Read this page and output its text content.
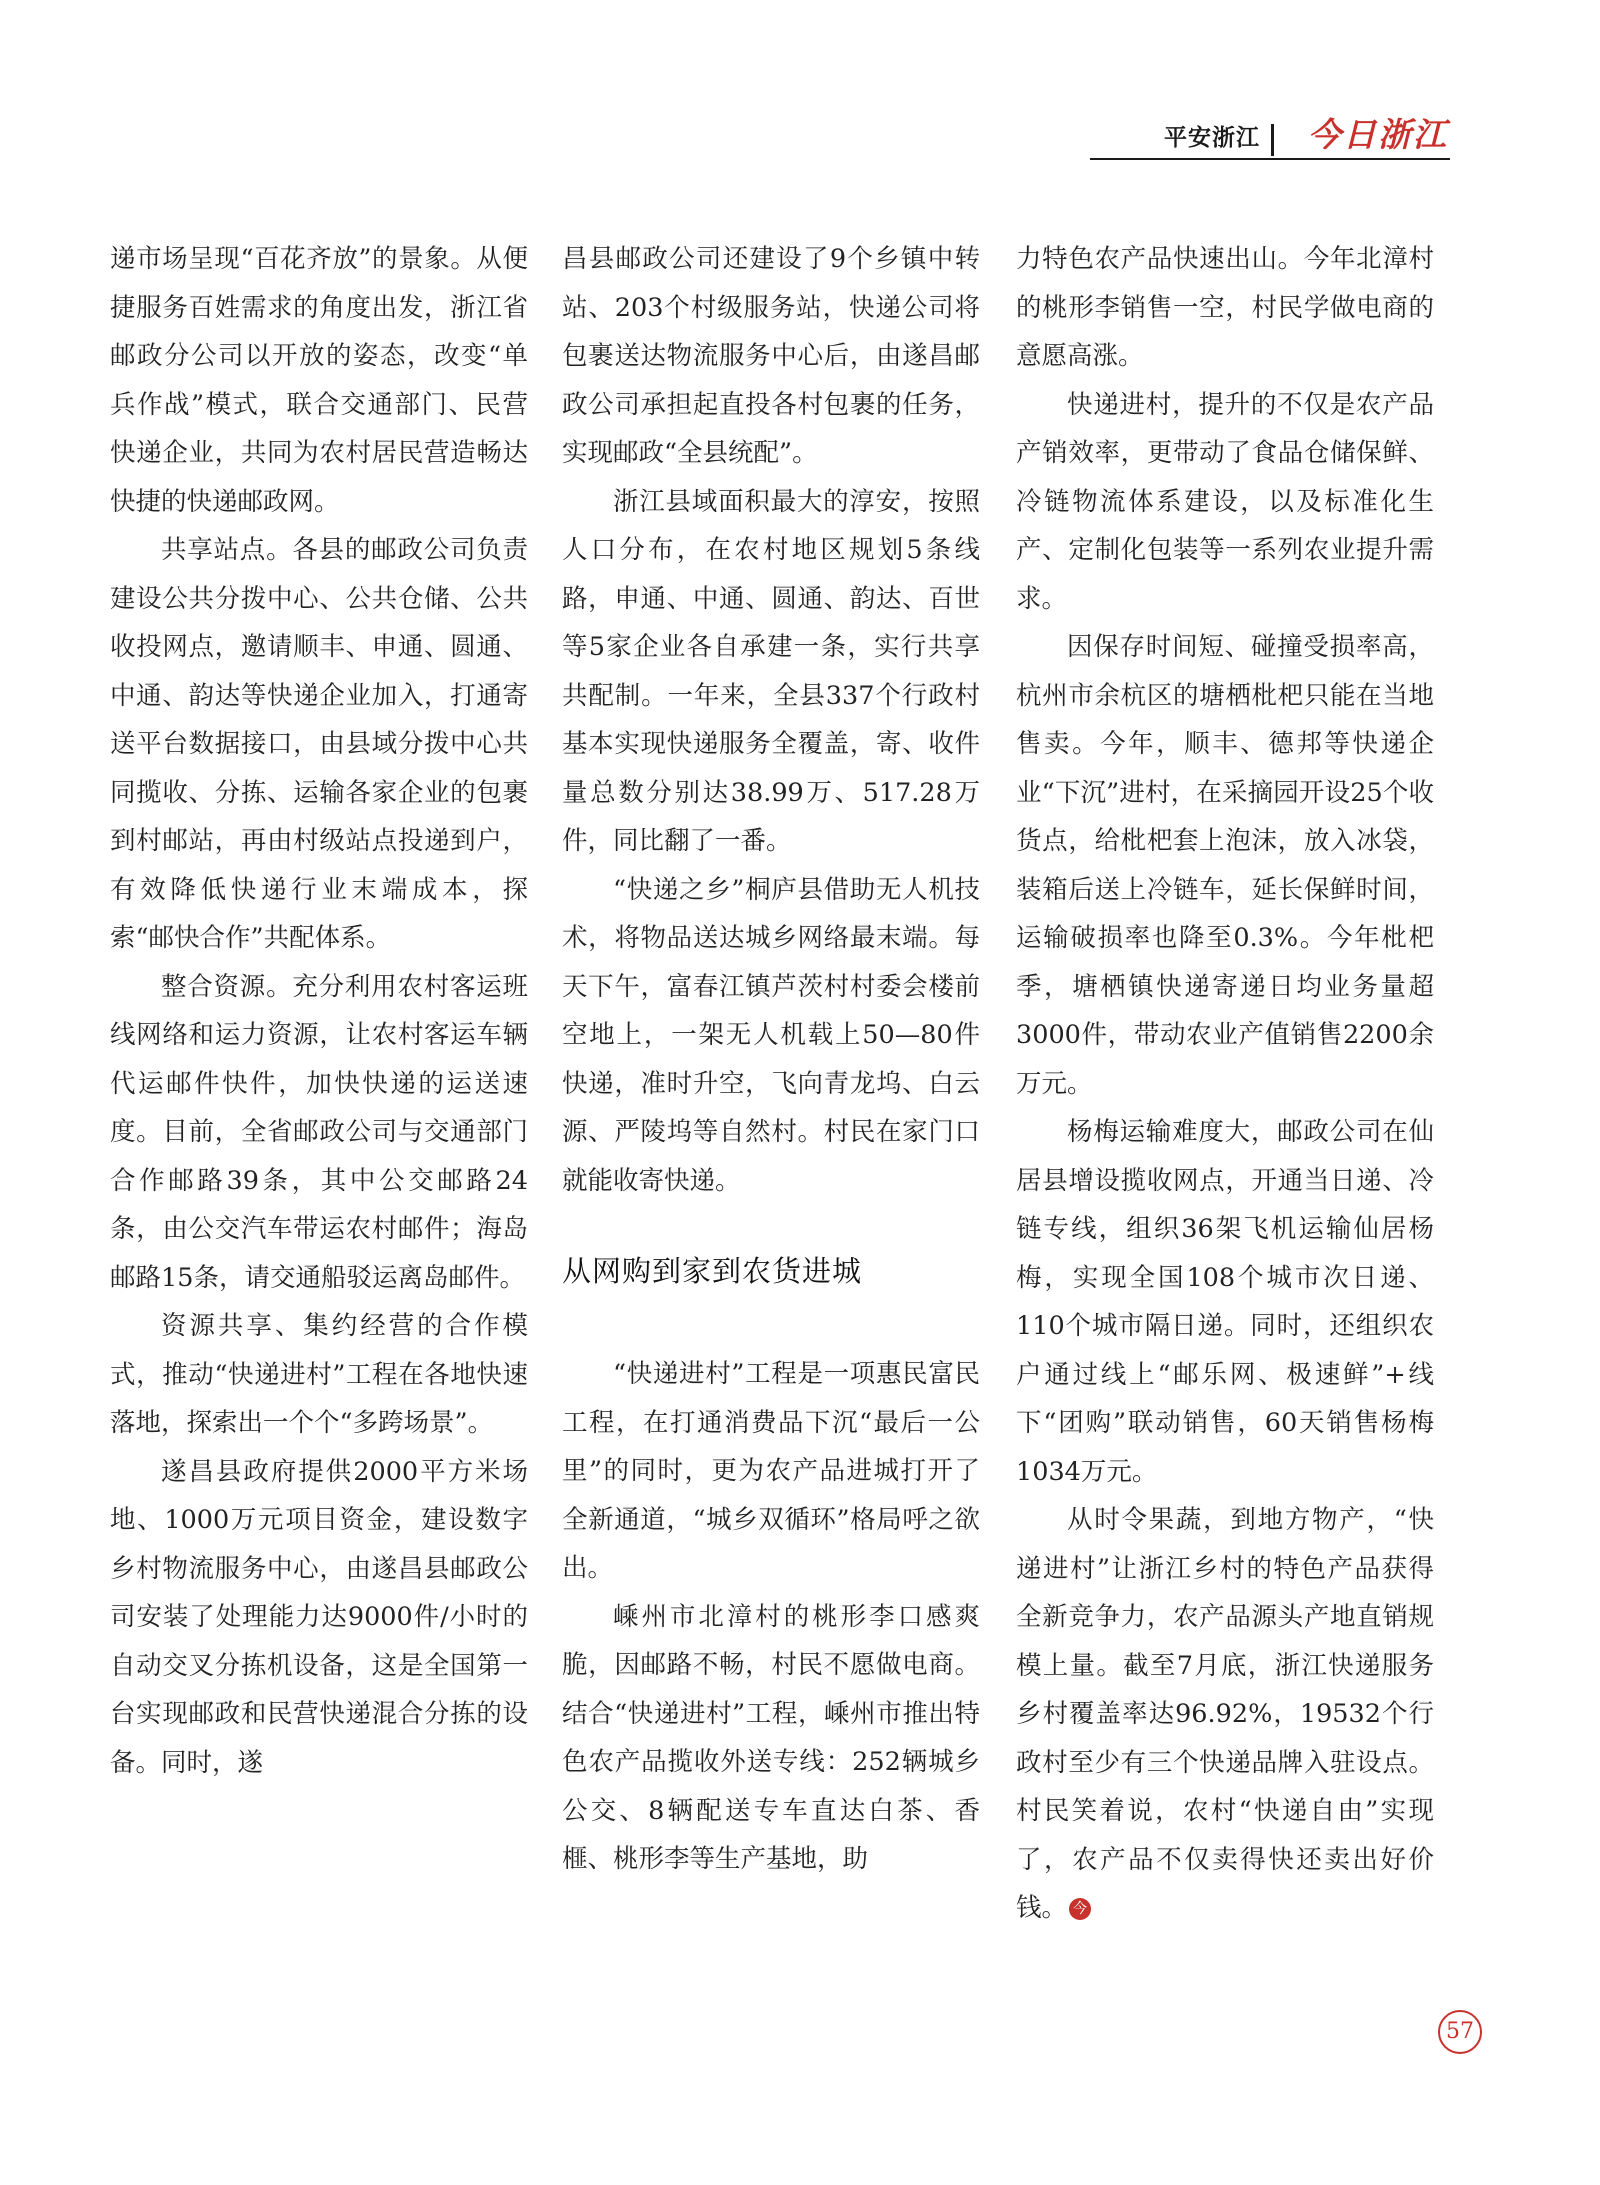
平安浙江 今日浙江

递市场呈现“百花齐放”的景象。从便捷服务百姓需求的角度出发，浙江省邮政分公司以开放的姿态，改变“单兵作战”模式，联合交通部门、民营快递企业，共同为农村居民营造畅达快捷的快递邮政网。

共享站点。各县的邮政公司负责建设公共分拨中心、公共仓储、公共收投网点，邀请顺丰、申通、圆通、中通、韵达等快递企业加入，打通寄送平台数据接口，由县域分拨中心共同揽收、分拣、运输各家企业的包裹到村邮站，再由村级站点投递到户，有效降低快递行业末端成本，探索“邮快合作”共配体系。

整合资源。充分利用农村客运班线网络和运力资源，让农村客运车辆代运邮件快件，加快快递的运送速度。目前，全省邮政公司与交通部门合作邮路39条，其中公交邮路24条，由公交汽车带运农村邮件；海岛邮路15条，请交通船驳运离岛邮件。

资源共享、集约经营的合作模式，推动“快递进村”工程在各地快速落地，探索出一个个“多跨场景”。

遂昌县政府提供2000平方米场地、1000万元项目资金，建设数字乡村物流服务中心，由遂昌县邮政公司安装了处理能力达9000件/小时的自动交叉分拣机设备，这是全国第一台实现邮政和民营快递混合分拣的设备。同时，遂

昌县邮政公司还建设了9个乡镇中转站、203个村级服务站，快递公司将包裹送达物流服务中心后，由遂昌邮政公司承担起直投各村包裹的任务，实现邮政“全县统配”。

浙江县域面积最大的淳安，按照人口分布，在农村地区规划5条线路，申通、中通、圆通、韵达、百世等5家企业各自承建一条，实行共享共配制。一年来，全县337个行政村基本实现快递服务全覆盖，寄、收件量总数分别达38.99万、517.28万件，同比翻了一番。

“快递之乡”桐庐县借助无人机技术，将物品送达城乡网络最末端。每天下午，富春江镇芦茨村村委会楼前空地上，一架无人机载上50—80件快递，准时升空，飞向青龙坞、白云源、严陵坞等自然村。村民在家门口就能收寄快递。

从网购到家到农货进城

“快递进村”工程是一项惠民富民工程，在打通消费品下沉“最后一公里”的同时，更为农产品进城打开了全新通道，“城乡双循环”格局呼之欲出。

嵊州市北漳村的桃形李口感爽脆，因邮路不畅，村民不愿做电商。结合“快递进村”工程，嵊州市推出特色农产品揽收外送专线：252辆城乡公交、8辆配送专车直达白茶、香榧、桃形李等生产基地，助

力特色农产品快速出山。今年北漳村的桃形李销售一空，村民学做电商的意愿高涨。

快递进村，提升的不仅是农产品产销效率，更带动了食品仓储保鲜、冷链物流体系建设，以及标准化生产、定制化包装等一系列农业提升需求。

因保存时间短、碰撞受损率高，杭州市余杭区的塘栖枇杷只能在当地售卖。今年，顺丰、德邦等快递企业“下沉”进村，在采摘园开设25个收货点，给枇杷套上泡沫，放入冰袋，装箱后送上冷链车，延长保鲜时间，运输破损率也降至0.3%。今年枇杷季，塘栖镇快递寄递日均业务量超3000件，带动农业产值销售2200余万元。

杨梅运输难度大，邮政公司在仙居县增设揽收网点，开通当日递、冷链专线，组织36架飞机运输仙居杨梅，实现全国108个城市次日递、110个城市隔日递。同时，还组织农户通过线上“邮乐网、极速鲜”+线下“团购”联动销售，60天销售杨梅1034万元。

从时令果蔬，到地方物产，“快递进村”让浙江乡村的特色产品获得全新竞争力，农产品源头产地直销规模上量。截至7月底，浙江快递服务乡村覆盖率达96.92%，19532个行政村至少有三个快递品牌入驻设点。村民笑着说，农村“快递自由”实现了，农产品不仅卖得快还卖出好价钱。 今

57
